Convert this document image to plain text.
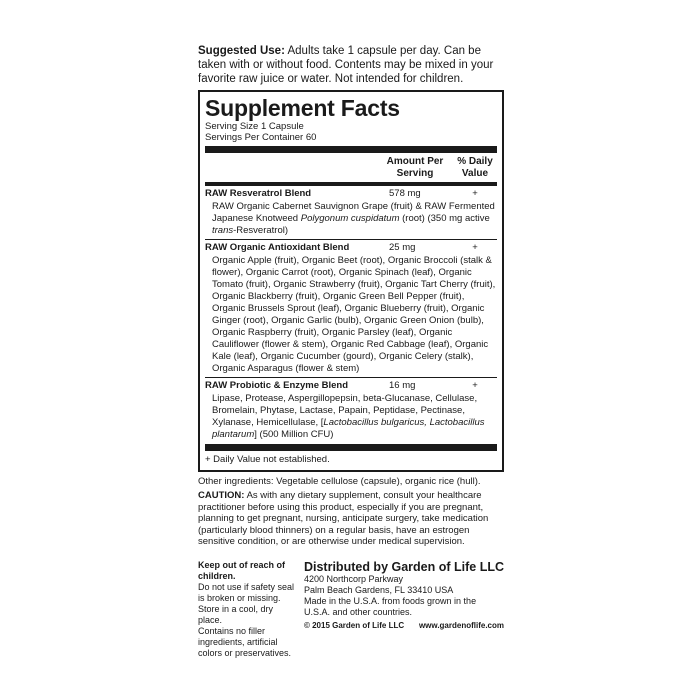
Suggested Use: Adults take 1 capsule per day. Can be taken with or without food. Contents may be mixed in your favorite raw juice or water. Not intended for children.

Supplement Facts
Serving Size 1 Capsule
Servings Per Container 60
Amount Per Serving
% Daily Value
RAW Resveratrol Blend	578 mg	+
RAW Organic Cabernet Sauvignon Grape (fruit) & RAW Fermented Japanese Knotweed Polygonum cuspidatum (root) (350 mg active trans-Resveratrol)
RAW Organic Antioxidant Blend	25 mg	+
Organic Apple (fruit), Organic Beet (root), Organic Broccoli (stalk & flower), Organic Carrot (root), Organic Spinach (leaf), Organic Tomato (fruit), Organic Strawberry (fruit), Organic Tart Cherry (fruit), Organic Blackberry (fruit), Organic Green Bell Pepper (fruit), Organic Brussels Sprout (leaf), Organic Blueberry (fruit), Organic Ginger (root), Organic Garlic (bulb), Organic Green Onion (bulb), Organic Raspberry (fruit), Organic Parsley (leaf), Organic Cauliflower (flower & stem), Organic Red Cabbage (leaf), Organic Kale (leaf), Organic Cucumber (gourd), Organic Celery (stalk), Organic Asparagus (flower & stem)
RAW Probiotic & Enzyme Blend	16 mg	+
Lipase, Protease, Aspergillopepsin, beta-Glucanase, Cellulase, Bromelain, Phytase, Lactase, Papain, Peptidase, Pectinase, Xylanase, Hemicellulase, [Lactobacillus bulgaricus, Lactobacillus plantarum] (500 Million CFU)
+ Daily Value not established.
Other ingredients: Vegetable cellulose (capsule), organic rice (hull).
CAUTION: As with any dietary supplement, consult your healthcare practitioner before using this product, especially if you are pregnant, planning to get pregnant, nursing, anticipate surgery, take medication (particularly blood thinners) on a regular basis, have an estrogen sensitive condition, or are otherwise under medical supervision.
Keep out of reach of children.
Do not use if safety seal is broken or missing.
Store in a cool, dry place.
Contains no filler ingredients, artificial colors or preservatives.
Distributed by Garden of Life LLC
4200 Northcorp Parkway
Palm Beach Gardens, FL 33410 USA
Made in the U.S.A. from foods grown in the U.S.A. and other countries.
© 2015 Garden of Life LLC www.gardenoflife.com
